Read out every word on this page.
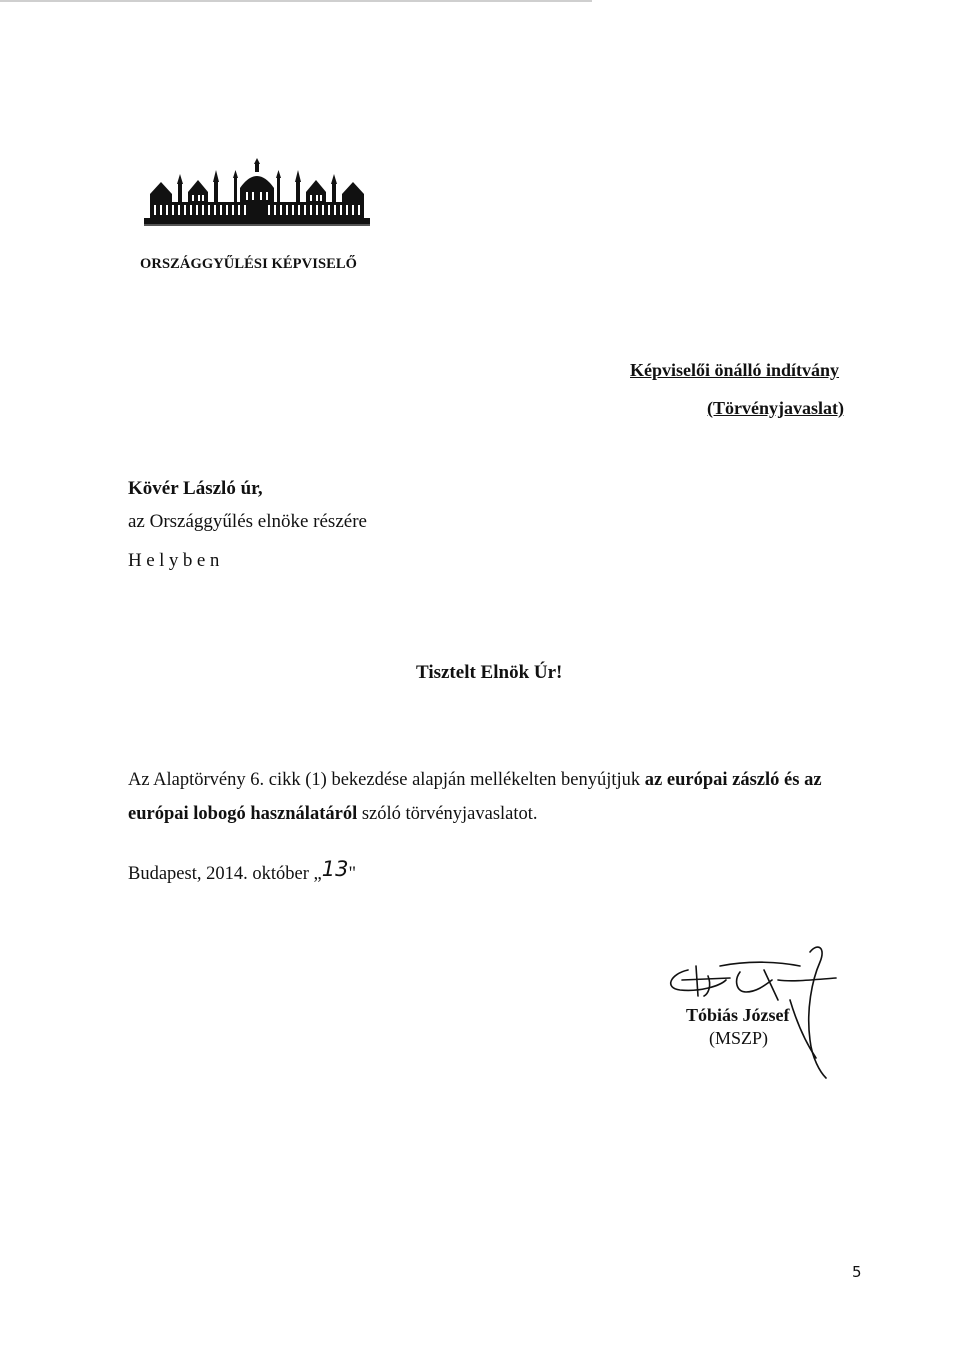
ORSZÁGGYŰLÉSI KÉPVISELŐ
Képviselői önálló indítvány
(Törvényjavaslat)
Kövér László úr,
az Országgyűlés elnöke részére
Helyben
Tisztelt Elnök Úr!
Az Alaptörvény 6. cikk (1) bekezdése alapján mellékelten benyújtjuk az európai zászló és az
európai lobogó használatáról szóló törvényjavaslatot.
Budapest, 2014. október „13"
Tóbiás József
(MSZP)
5
